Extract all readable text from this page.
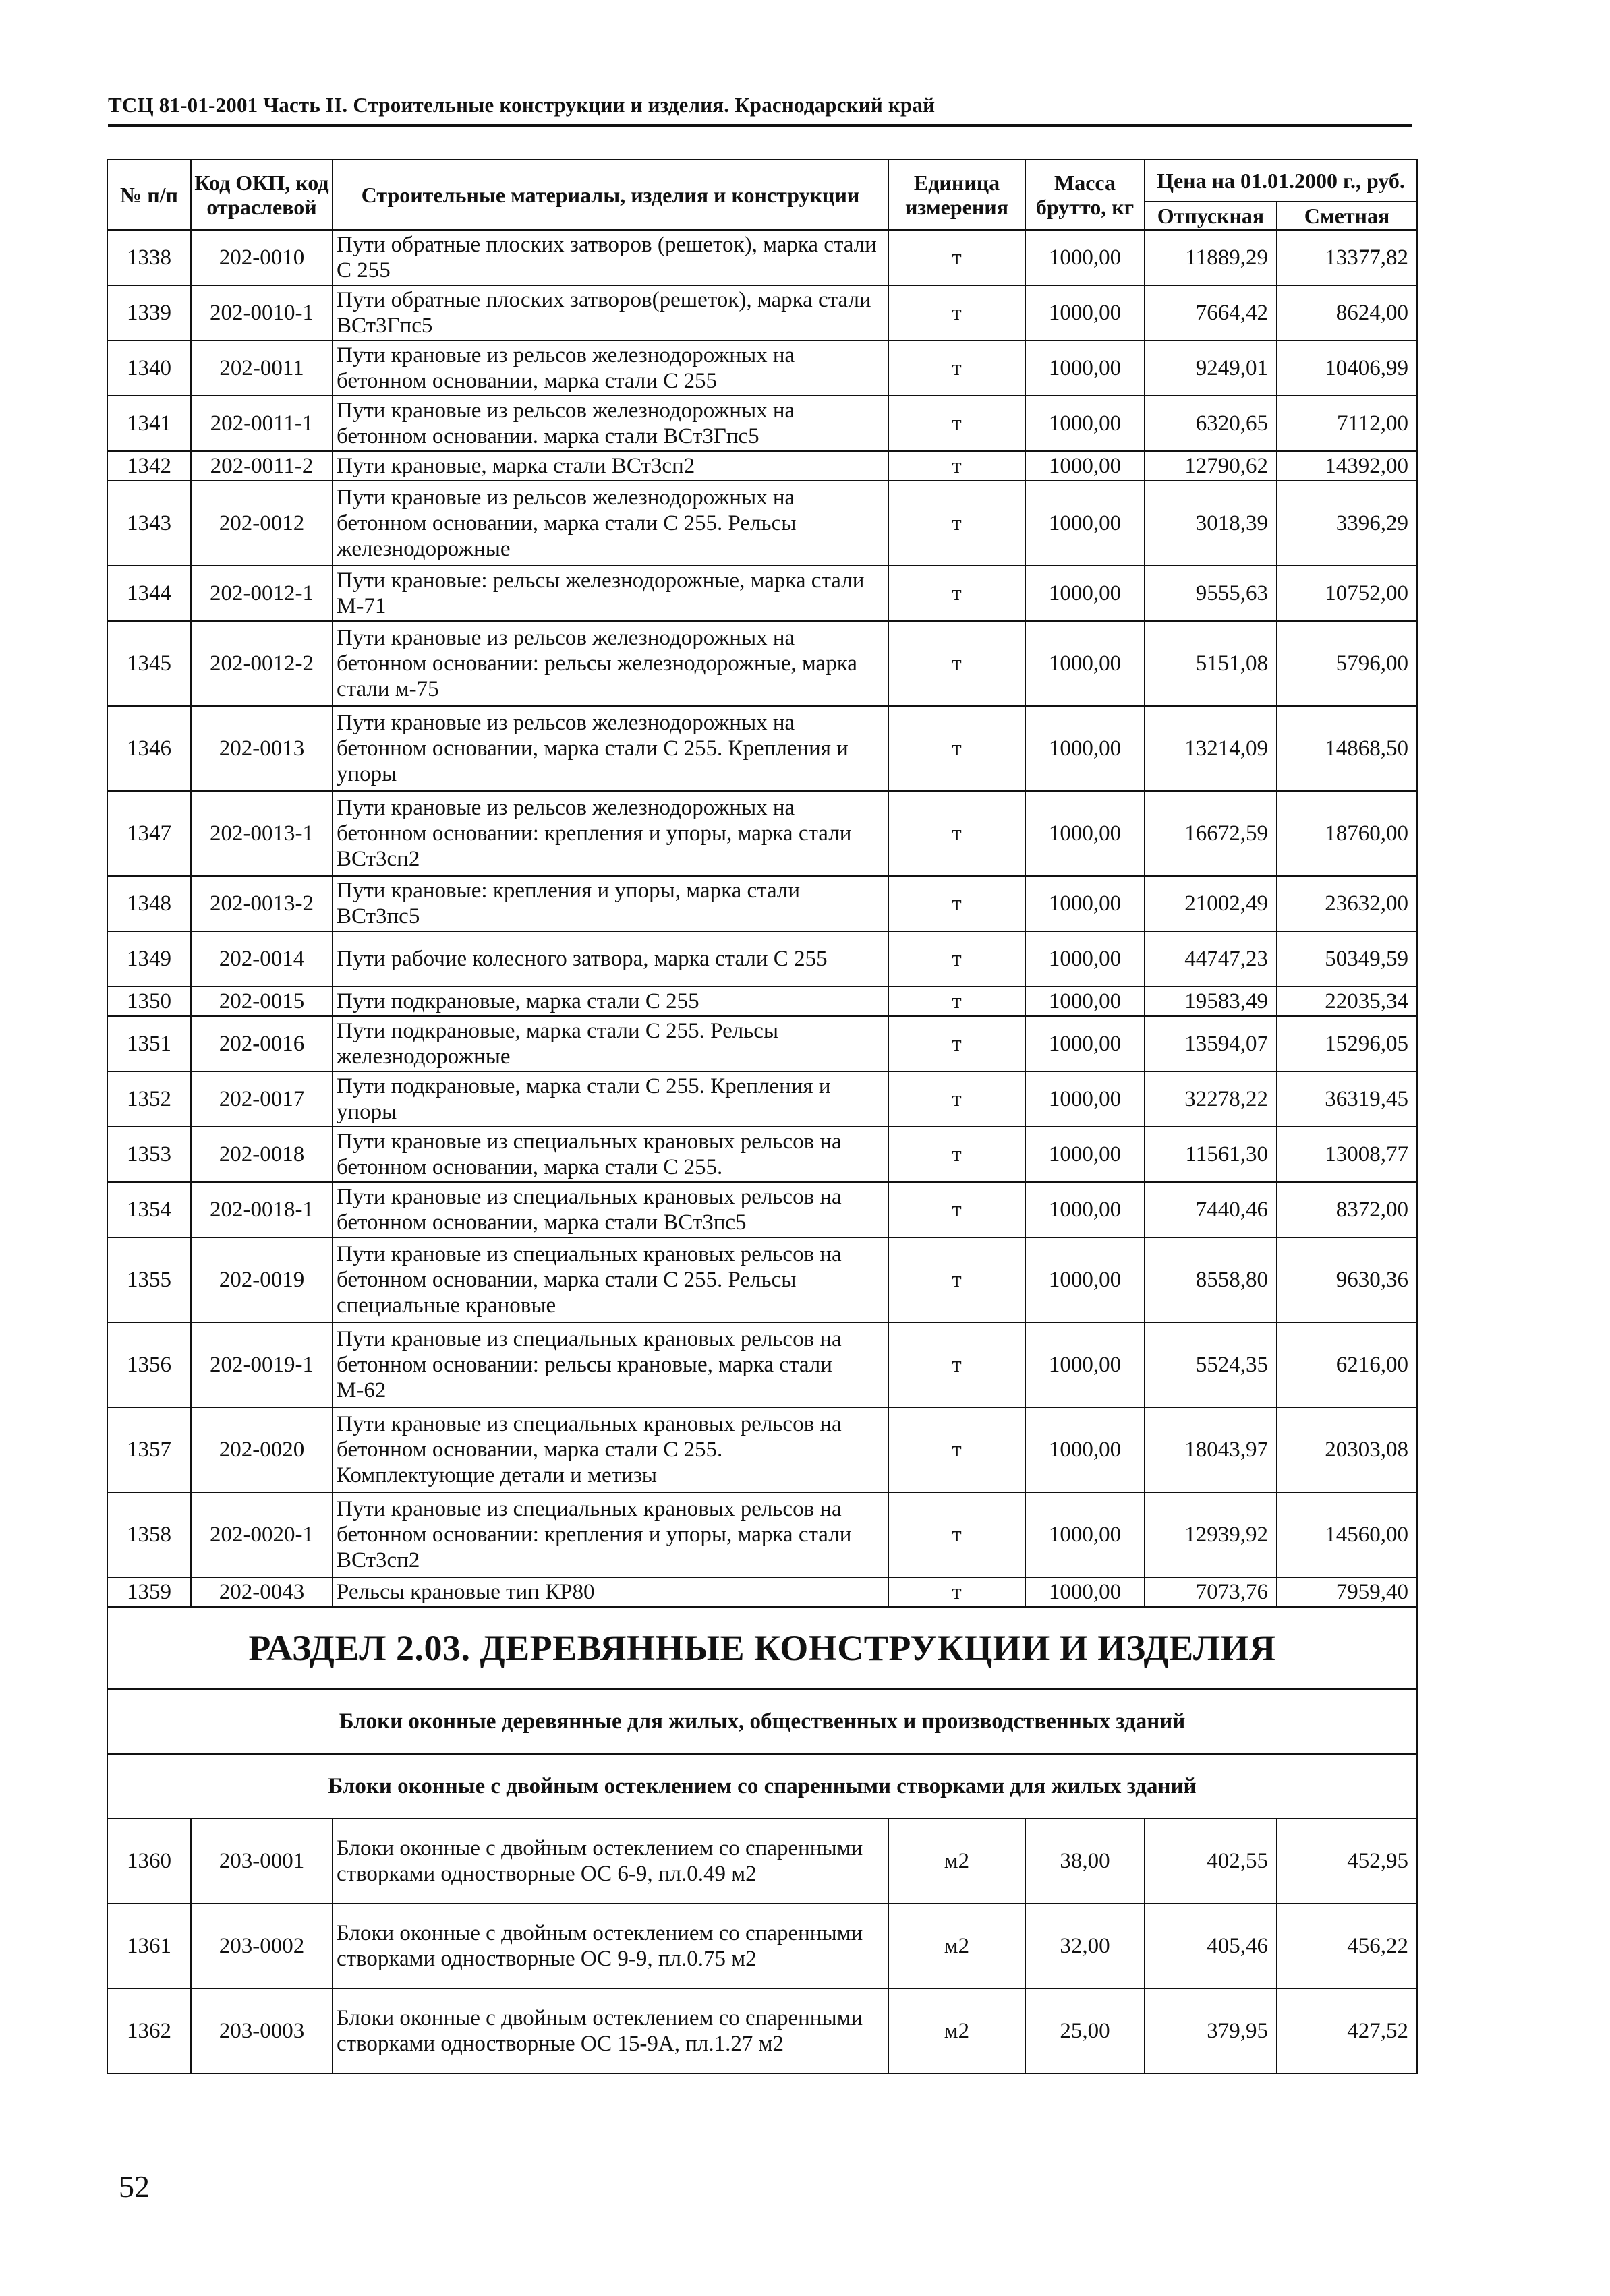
ТСЦ 81-01-2001 Часть II. Строительные конструкции и изделия. Краснодарский край
№ п/п	Код ОКП, код отраслевой	Строительные материалы, изделия и конструкции	Единица измерения	Масса брутто, кг	Цена на 01.01.2000 г., руб.	
					Отпускная	Сметная
1338	202-0010	Пути обратные плоских затворов (решеток), марка стали С 255	т	1000,00	11889,29	13377,82
1339	202-0010-1	Пути обратные плоских затворов(решеток), марка стали ВСт3Гпс5	т	1000,00	7664,42	8624,00
1340	202-0011	Пути крановые из рельсов железнодорожных на бетонном основании, марка стали С 255	т	1000,00	9249,01	10406,99
1341	202-0011-1	Пути крановые из рельсов железнодорожных на бетонном основании. марка стали ВСт3Гпс5	т	1000,00	6320,65	7112,00
1342	202-0011-2	Пути крановые, марка стали ВСт3сп2	т	1000,00	12790,62	14392,00
1343	202-0012	Пути крановые из рельсов железнодорожных на бетонном основании, марка стали С 255. Рельсы железнодорожные	т	1000,00	3018,39	3396,29
1344	202-0012-1	Пути крановые: рельсы железнодорожные, марка стали М-71	т	1000,00	9555,63	10752,00
1345	202-0012-2	Пути крановые из рельсов железнодорожных на бетонном основании: рельсы железнодорожные, марка стали м-75	т	1000,00	5151,08	5796,00
1346	202-0013	Пути крановые из рельсов железнодорожных на бетонном основании, марка стали С 255. Крепления и упоры	т	1000,00	13214,09	14868,50
1347	202-0013-1	Пути крановые из рельсов железнодорожных на бетонном основании: крепления и упоры, марка стали ВСт3сп2	т	1000,00	16672,59	18760,00
1348	202-0013-2	Пути крановые: крепления и упоры, марка стали ВСт3пс5	т	1000,00	21002,49	23632,00
1349	202-0014	Пути рабочие колесного затвора, марка стали С 255	т	1000,00	44747,23	50349,59
1350	202-0015	Пути подкрановые, марка стали С 255	т	1000,00	19583,49	22035,34
1351	202-0016	Пути подкрановые, марка стали С 255. Рельсы железнодорожные	т	1000,00	13594,07	15296,05
1352	202-0017	Пути подкрановые, марка стали С 255. Крепления и упоры	т	1000,00	32278,22	36319,45
1353	202-0018	Пути крановые из специальных крановых рельсов на бетонном основании, марка стали С 255.	т	1000,00	11561,30	13008,77
1354	202-0018-1	Пути крановые из специальных крановых рельсов на бетонном основании, марка стали ВСт3пс5	т	1000,00	7440,46	8372,00
1355	202-0019	Пути крановые из специальных крановых рельсов на бетонном основании, марка стали С 255. Рельсы специальные крановые	т	1000,00	8558,80	9630,36
1356	202-0019-1	Пути крановые из специальных крановых рельсов на бетонном основании: рельсы крановые, марка стали М-62	т	1000,00	5524,35	6216,00
1357	202-0020	Пути крановые из специальных крановых рельсов на бетонном основании, марка стали С 255. Комплектующие детали и метизы	т	1000,00	18043,97	20303,08
1358	202-0020-1	Пути крановые из специальных крановых рельсов на бетонном основании: крепления и упоры, марка стали ВСт3сп2	т	1000,00	12939,92	14560,00
1359	202-0043	Рельсы крановые тип КР80	т	1000,00	7073,76	7959,40
РАЗДЕЛ 2.03. ДЕРЕВЯННЫЕ КОНСТРУКЦИИ И ИЗДЕЛИЯ						
Блоки оконные деревянные для жилых, общественных и производственных зданий						
Блоки оконные с двойным остеклением со спаренными створками для жилых зданий						
1360	203-0001	Блоки оконные с двойным остеклением со спаренными створками одностворные ОС 6-9, пл.0.49 м2	м2	38,00	402,55	452,95
1361	203-0002	Блоки оконные с двойным остеклением со спаренными створками одностворные ОС 9-9, пл.0.75 м2	м2	32,00	405,46	456,22
1362	203-0003	Блоки оконные с двойным остеклением со спаренными створками одностворные ОС 15-9А, пл.1.27 м2	м2	25,00	379,95	427,52
52
